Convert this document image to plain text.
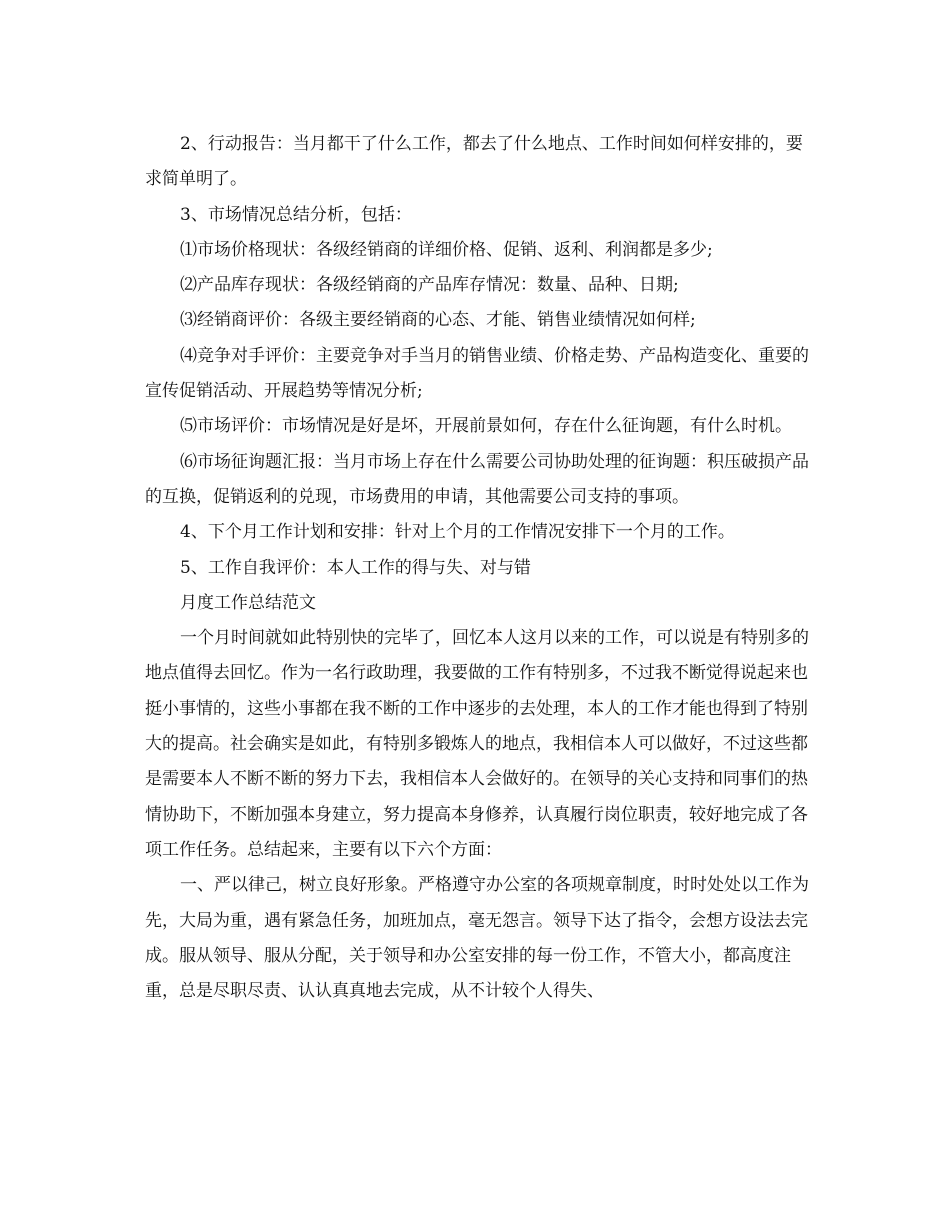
2、行动报告：当月都干了什么工作，都去了什么地点、工作时间如何样安排的，要求简单明了。

3、市场情况总结分析，包括：

⑴市场价格现状：各级经销商的详细价格、促销、返利、利润都是多少;

⑵产品库存现状：各级经销商的产品库存情况：数量、品种、日期;

⑶经销商评价：各级主要经销商的心态、才能、销售业绩情况如何样;

⑷竞争对手评价：主要竞争对手当月的销售业绩、价格走势、产品构造变化、重要的宣传促销活动、开展趋势等情况分析;

⑸市场评价：市场情况是好是坏，开展前景如何，存在什么征询题，有什么时机。

⑹市场征询题汇报：当月市场上存在什么需要公司协助处理的征询题：积压破损产品的互换，促销返利的兑现，市场费用的申请，其他需要公司支持的事项。

4、下个月工作计划和安排：针对上个月的工作情况安排下一个月的工作。

5、工作自我评价：本人工作的得与失、对与错

月度工作总结范文

一个月时间就如此特别快的完毕了，回忆本人这月以来的工作，可以说是有特别多的地点值得去回忆。作为一名行政助理，我要做的工作有特别多，不过我不断觉得说起来也挺小事情的，这些小事都在我不断的工作中逐步的去处理，本人的工作才能也得到了特别大的提高。社会确实是如此，有特别多锻炼人的地点，我相信本人可以做好，不过这些都是需要本人不断不断的努力下去，我相信本人会做好的。在领导的关心支持和同事们的热情协助下，不断加强本身建立，努力提高本身修养，认真履行岗位职责，较好地完成了各项工作任务。总结起来，主要有以下六个方面：

一、严以律己，树立良好形象。严格遵守办公室的各项规章制度，时时处处以工作为先，大局为重，遇有紧急任务，加班加点，毫无怨言。领导下达了指令，会想方设法去完成。服从领导、服从分配，关于领导和办公室安排的每一份工作，不管大小，都高度注重，总是尽职尽责、认认真真地去完成，从不计较个人得失、
